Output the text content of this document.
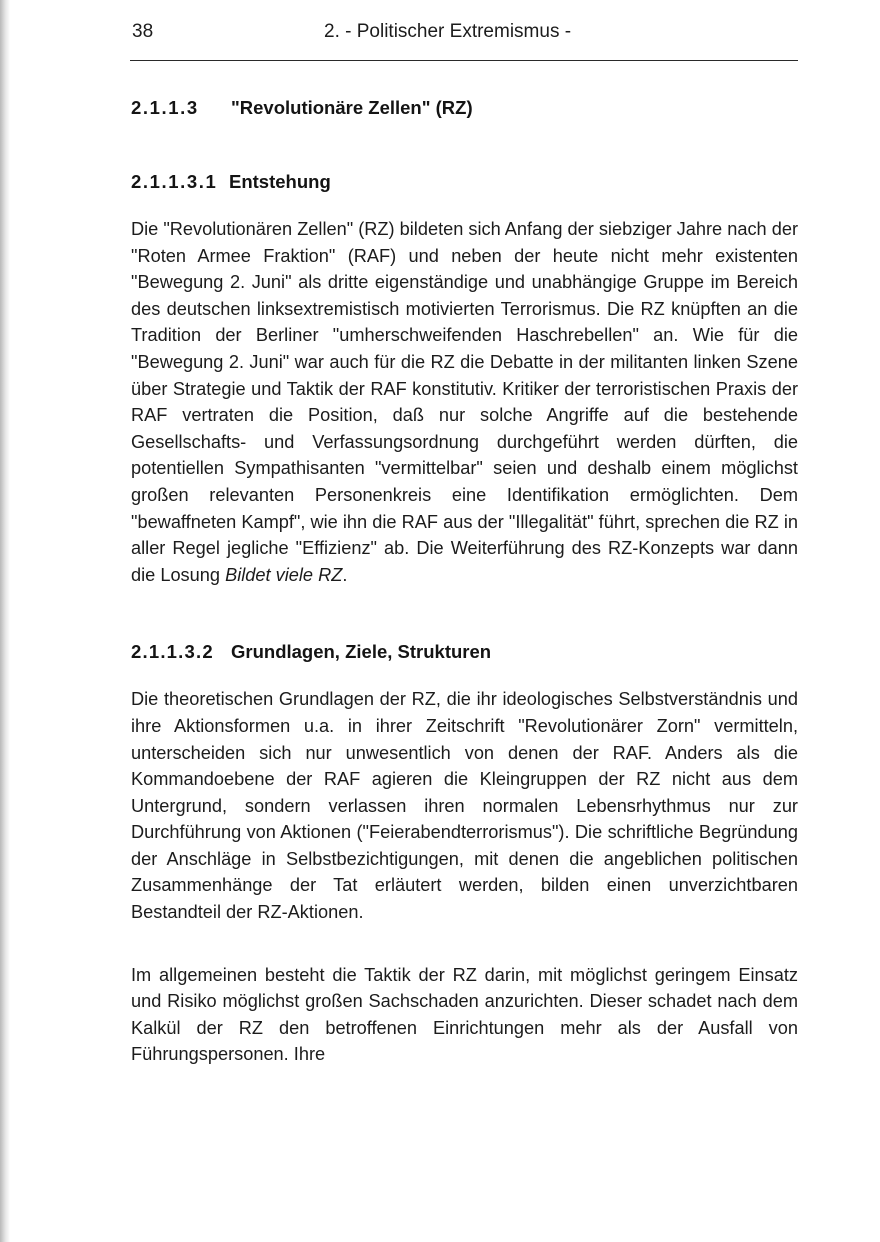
38	2. - Politischer Extremismus -
2.1.1.3 "Revolutionäre Zellen" (RZ)
2.1.1.3.1 Entstehung

Die "Revolutionären Zellen" (RZ) bildeten sich Anfang der siebziger Jahre nach der "Roten Armee Fraktion" (RAF) und neben der heute nicht mehr existenten "Bewegung 2. Juni" als dritte eigenständige und unabhängige Gruppe im Bereich des deutschen linksextremistisch motivierten Terrorismus. Die RZ knüpften an die Tradition der Berliner "umherschweifenden Haschrebellen" an. Wie für die "Bewegung 2. Juni" war auch für die RZ die Debatte in der militanten linken Szene über Strategie und Taktik der RAF konstitutiv. Kritiker der terroristischen Praxis der RAF vertraten die Position, daß nur solche Angriffe auf die bestehende Gesellschafts- und Verfassungsordnung durchgeführt werden dürften, die potentiellen Sympathisanten "vermittelbar" seien und deshalb einem möglichst großen relevanten Personenkreis eine Identifikation ermöglichten. Dem "bewaffneten Kampf", wie ihn die RAF aus der "Illegalität" führt, sprechen die RZ in aller Regel jegliche "Effizienz" ab. Die Weiterführung des RZ-Konzepts war dann die Losung Bildet viele RZ.

2.1.1.3.2 Grundlagen, Ziele, Strukturen

Die theoretischen Grundlagen der RZ, die ihr ideologisches Selbstverständnis und ihre Aktionsformen u.a. in ihrer Zeitschrift "Revolutionärer Zorn" vermitteln, unterscheiden sich nur unwesentlich von denen der RAF. Anders als die Kommandoebene der RAF agieren die Kleingruppen der RZ nicht aus dem Untergrund, sondern verlassen ihren normalen Lebensrhythmus nur zur Durchführung von Aktionen ("Feierabendterrorismus"). Die schriftliche Begründung der Anschläge in Selbstbezichtigungen, mit denen die angeblichen politischen Zusammenhänge der Tat erläutert werden, bilden einen unverzichtbaren Bestandteil der RZ-Aktionen.

Im allgemeinen besteht die Taktik der RZ darin, mit möglichst geringem Einsatz und Risiko möglichst großen Sachschaden anzurichten. Dieser schadet nach dem Kalkül der RZ den betroffenen Einrichtungen mehr als der Ausfall von Führungspersonen. Ihre
